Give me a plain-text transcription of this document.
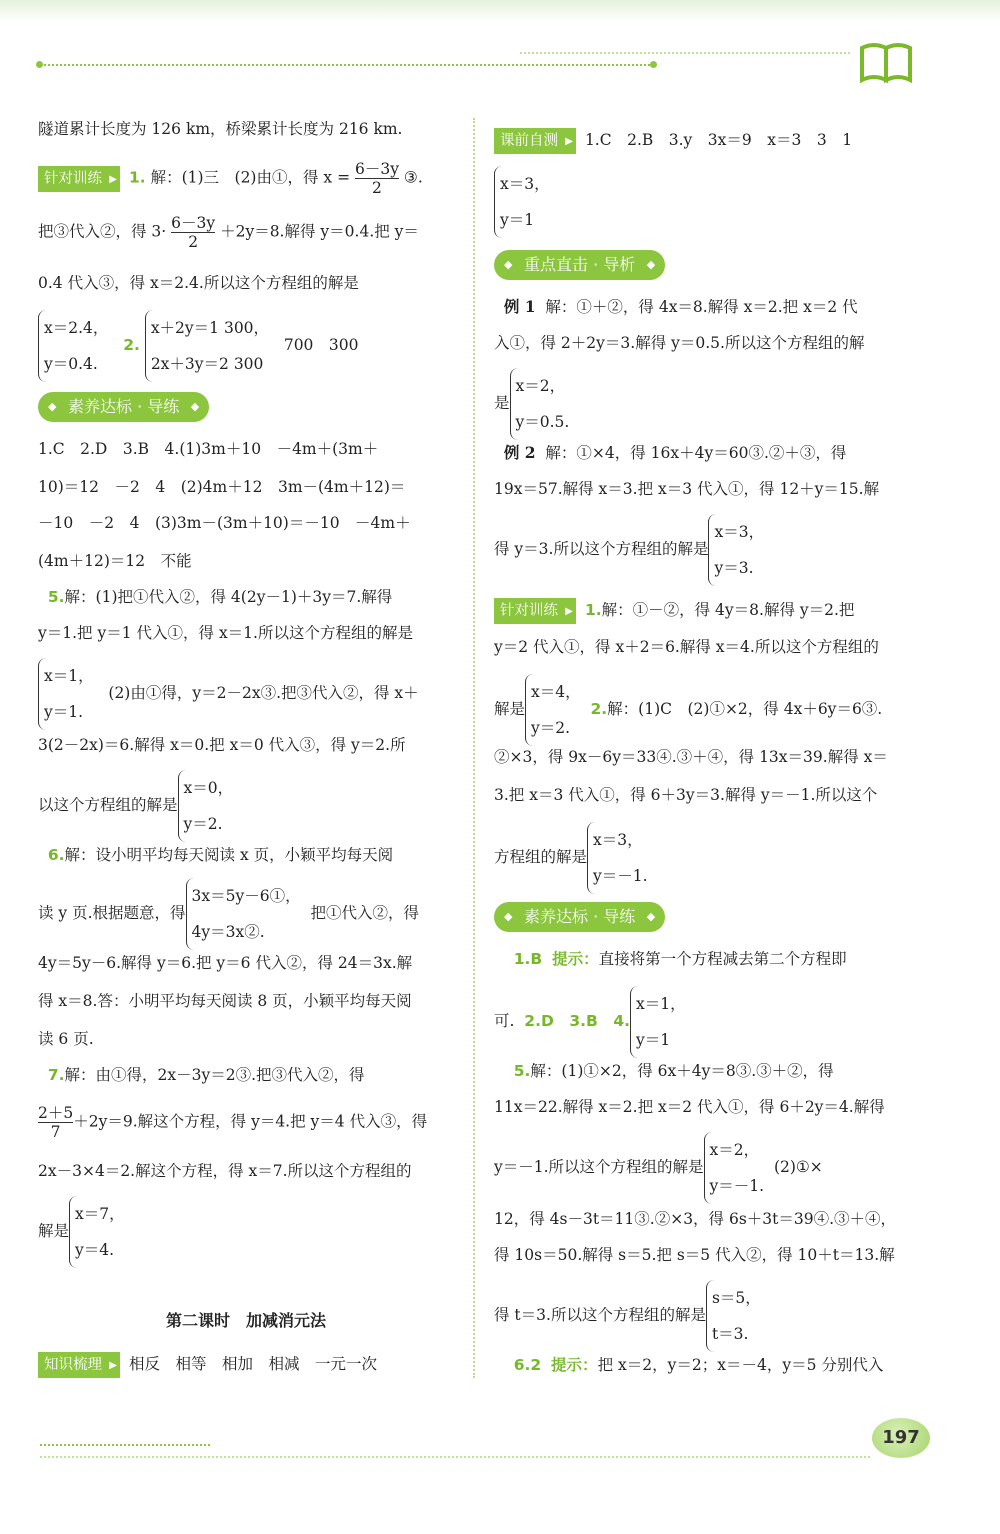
隧道累计长度为 126 km，桥梁累计长度为 216 km.
针对训练 ▶ 1. 解：(1)三　(2)由①，得 $x = \frac{6-3y}{2}$ ③.
把③代入②，得 $3\cdot \frac{6-3y}{2} +2y=8$.解得 y＝0.4.把 y＝
0.4 代入③，得 x＝2.4.所以这个方程组的解是
x＝2.4，
y＝0.4.
2.
x＋2y＝1 300，
2x＋3y＝2 300
700　300
◆ 素养达标 · 导练 ◆
1.C　2.D　3.B　4.(1)3m＋10　－4m＋(3m＋
10)＝12　－2　4　(2)4m＋12　3m－(4m＋12)＝
－10　－2　4　(3)3m－(3m＋10)＝－10　－4m＋
(4m＋12)＝12　不能
5.解：(1)把①代入②，得 4(2y－1)＋3y＝7.解得
y＝1.把 y＝1 代入①，得 x＝1.所以这个方程组的解是
x＝1，
y＝1.
(2)由①得，y＝2－2x③.把③代入②，得 x＋
3(2－2x)＝6.解得 x＝0.把 x＝0 代入③，得 y＝2.所
以这个方程组的解是
x＝0，
y＝2.
6.解：设小明平均每天阅读 x 页，小颖平均每天阅
读 y 页.根据题意，得
3x＝5y－6①，
4y＝3x②.
把①代入②，得
4y＝5y－6.解得 y＝6.把 y＝6 代入②，得 24＝3x.解
得 x＝8.答：小明平均每天阅读 8 页，小颖平均每天阅
读 6 页.
7.解：由①得，2x－3y＝2③.把③代入②，得
$\frac{2+5}{7} +2y=9$.解这个方程，得 y＝4.把 y＝4 代入③，得
2x－3×4＝2.解这个方程，得 x＝7.所以这个方程组的
解是
x＝7，
y＝4.
第二课时　加减消元法
知识梳理 ▶ 相反　相等　相加　相减　一元一次
课前自测 ▶ 1.C　2.B　3.y　3x＝9　x＝3　3　1
x＝3，
y＝1
◆ 重点直击 · 导析 ◆
例 1 解：①＋②，得 4x＝8.解得 x＝2.把 x＝2 代
入①，得 2＋2y＝3.解得 y＝0.5.所以这个方程组的解
是
x＝2，
y＝0.5.
例 2 解：①×4，得 16x＋4y＝60③.②＋③，得
19x＝57.解得 x＝3.把 x＝3 代入①，得 12＋y＝15.解
得 y＝3.所以这个方程组的解是
x＝3，
y＝3.
针对训练 ▶ 1.解：①－②，得 4y＝8.解得 y＝2.把
y＝2 代入①，得 x＋2＝6.解得 x＝4.所以这个方程组的
解是
x＝4，
y＝2.
2.解：(1)C　(2)①×2，得 4x＋6y＝6③.
②×3，得 9x－6y＝33④.③＋④，得 13x＝39.解得 x＝
3.把 x＝3 代入①，得 6＋3y＝3.解得 y＝－1.所以这个
方程组的解是
x＝3，
y＝－1.
◆ 素养达标 · 导练 ◆
1.B 提示：直接将第一个方程减去第二个方程即
可. 2.D　3.B　4.
x＝1，
y＝1
5.解：(1)①×2，得 6x＋4y＝8③.③＋②，得
11x＝22.解得 x＝2.把 x＝2 代入①，得 6＋2y＝4.解得
y＝－1.所以这个方程组的解是
x＝2，
y＝－1.
(2)①×
12，得 4s－3t＝11③.②×3，得 6s＋3t＝39④.③＋④，
得 10s＝50.解得 s＝5.把 s＝5 代入②，得 10＋t＝13.解
得 t＝3.所以这个方程组的解是
s＝5，
t＝3.
6.2 提示：把 x＝2，y＝2；x＝－4，y＝5 分别代入
197
